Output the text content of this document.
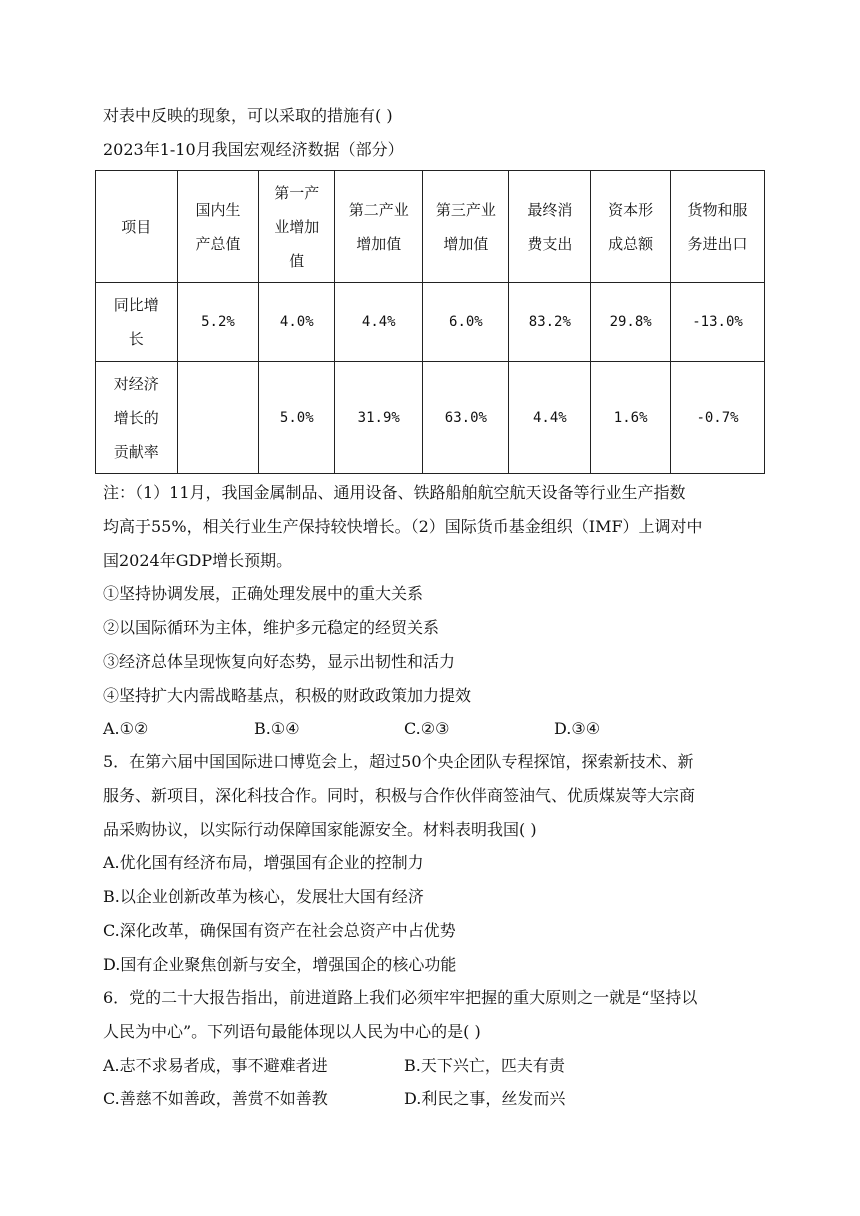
对表中反映的现象，可以采取的措施有( )
2023年1-10月我国宏观经济数据（部分）
项目	国内生产总值	第一产业增加值	第二产业增加值	第三产业增加值	最终消费支出	资本形成总额	货物和服务进出口
同比增长	5.2%	4.0%	4.4%	6.0%	83.2%	29.8%	-13.0%
对经济增长的贡献率		5.0%	31.9%	63.0%	4.4%	1.6%	-0.7%
注：（1）11月，我国金属制品、通用设备、铁路船舶航空航天设备等行业生产指数
均高于55%，相关行业生产保持较快增长。（2）国际货币基金组织（IMF）上调对中
国2024年GDP增长预期。
①坚持协调发展，正确处理发展中的重大关系
②以国际循环为主体，维护多元稳定的经贸关系
③经济总体呈现恢复向好态势，显示出韧性和活力
④坚持扩大内需战略基点，积极的财政政策加力提效
A.①②	B.①④	C.②③	D.③④
5．在第六届中国国际进口博览会上，超过50个央企团队专程探馆，探索新技术、新
服务、新项目，深化科技合作。同时，积极与合作伙伴商签油气、优质煤炭等大宗商
品采购协议，以实际行动保障国家能源安全。材料表明我国( )
A.优化国有经济布局，增强国有企业的控制力
B.以企业创新改革为核心，发展壮大国有经济
C.深化改革，确保国有资产在社会总资产中占优势
D.国有企业聚焦创新与安全，增强国企的核心功能
6．党的二十大报告指出，前进道路上我们必须牢牢把握的重大原则之一就是“坚持以
人民为中心”。下列语句最能体现以人民为中心的是( )
A.志不求易者成，事不避难者进	B.天下兴亡，匹夫有责
C.善慈不如善政，善赏不如善教	D.利民之事，丝发而兴
